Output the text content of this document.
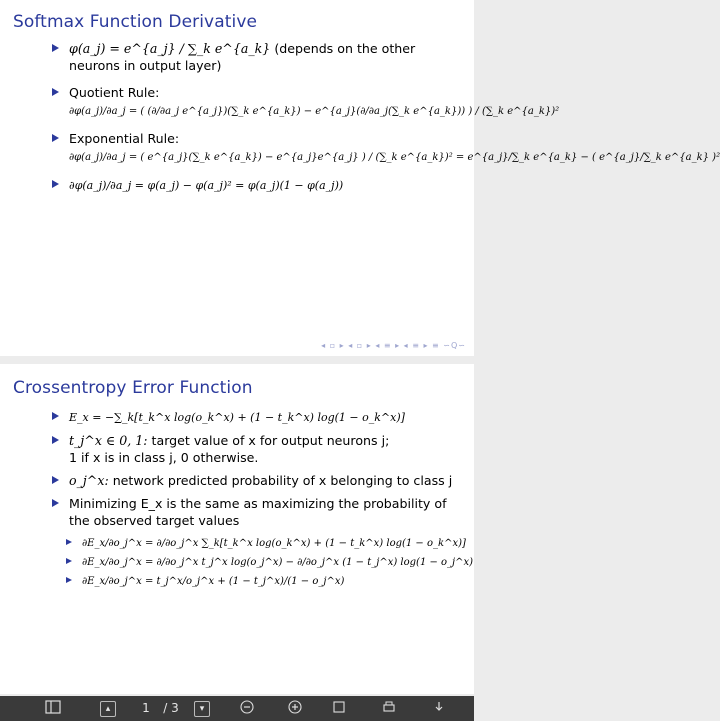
Softmax Function Derivative
φ(a_j) = e^{a_j} / ∑_k e^{a_k} (depends on the other neurons in output layer)
Quotient Rule:
∂φ(a_j)/∂a_j = ( (∂/∂a_j e^{a_j})(∑_k e^{a_k}) − e^{a_j}(∂/∂a_j(∑_k e^{a_k})) ) / (∑_k e^{a_k})²
Exponential Rule:
∂φ(a_j)/∂a_j = ( e^{a_j}(∑_k e^{a_k}) − e^{a_j}e^{a_j} ) / (∑_k e^{a_k})² = e^{a_j}/∑_k e^{a_k} − ( e^{a_j}/∑_k e^{a_k} )²
∂φ(a_j)/∂a_j = φ(a_j) − φ(a_j)² = φ(a_j)(1 − φ(a_j))
◂ ▫ ▸ ◂ ▫ ▸ ◂ ≡ ▸ ◂ ≡ ▸ ≡ ∽Q∽
Crossentropy Error Function
E_x = −∑_k[t_k^x log(o_k^x) + (1 − t_k^x) log(1 − o_k^x)]
t_j^x ∈ 0, 1: target value of x for output neurons j;
1 if x is in class j, 0 otherwise.
o_j^x: network predicted probability of x belonging to class j
Minimizing E_x is the same as maximizing the probability of the observed target values
∂E_x/∂o_j^x = ∂/∂o_j^x ∑_k[t_k^x log(o_k^x) + (1 − t_k^x) log(1 − o_k^x)]
∂E_x/∂o_j^x = ∂/∂o_j^x t_j^x log(o_j^x) − ∂/∂o_j^x (1 − t_j^x) log(1 − o_j^x)
∂E_x/∂o_j^x = t_j^x/o_j^x + (1 − t_j^x)/(1 − o_j^x)
▴	1	/ 3	▾
